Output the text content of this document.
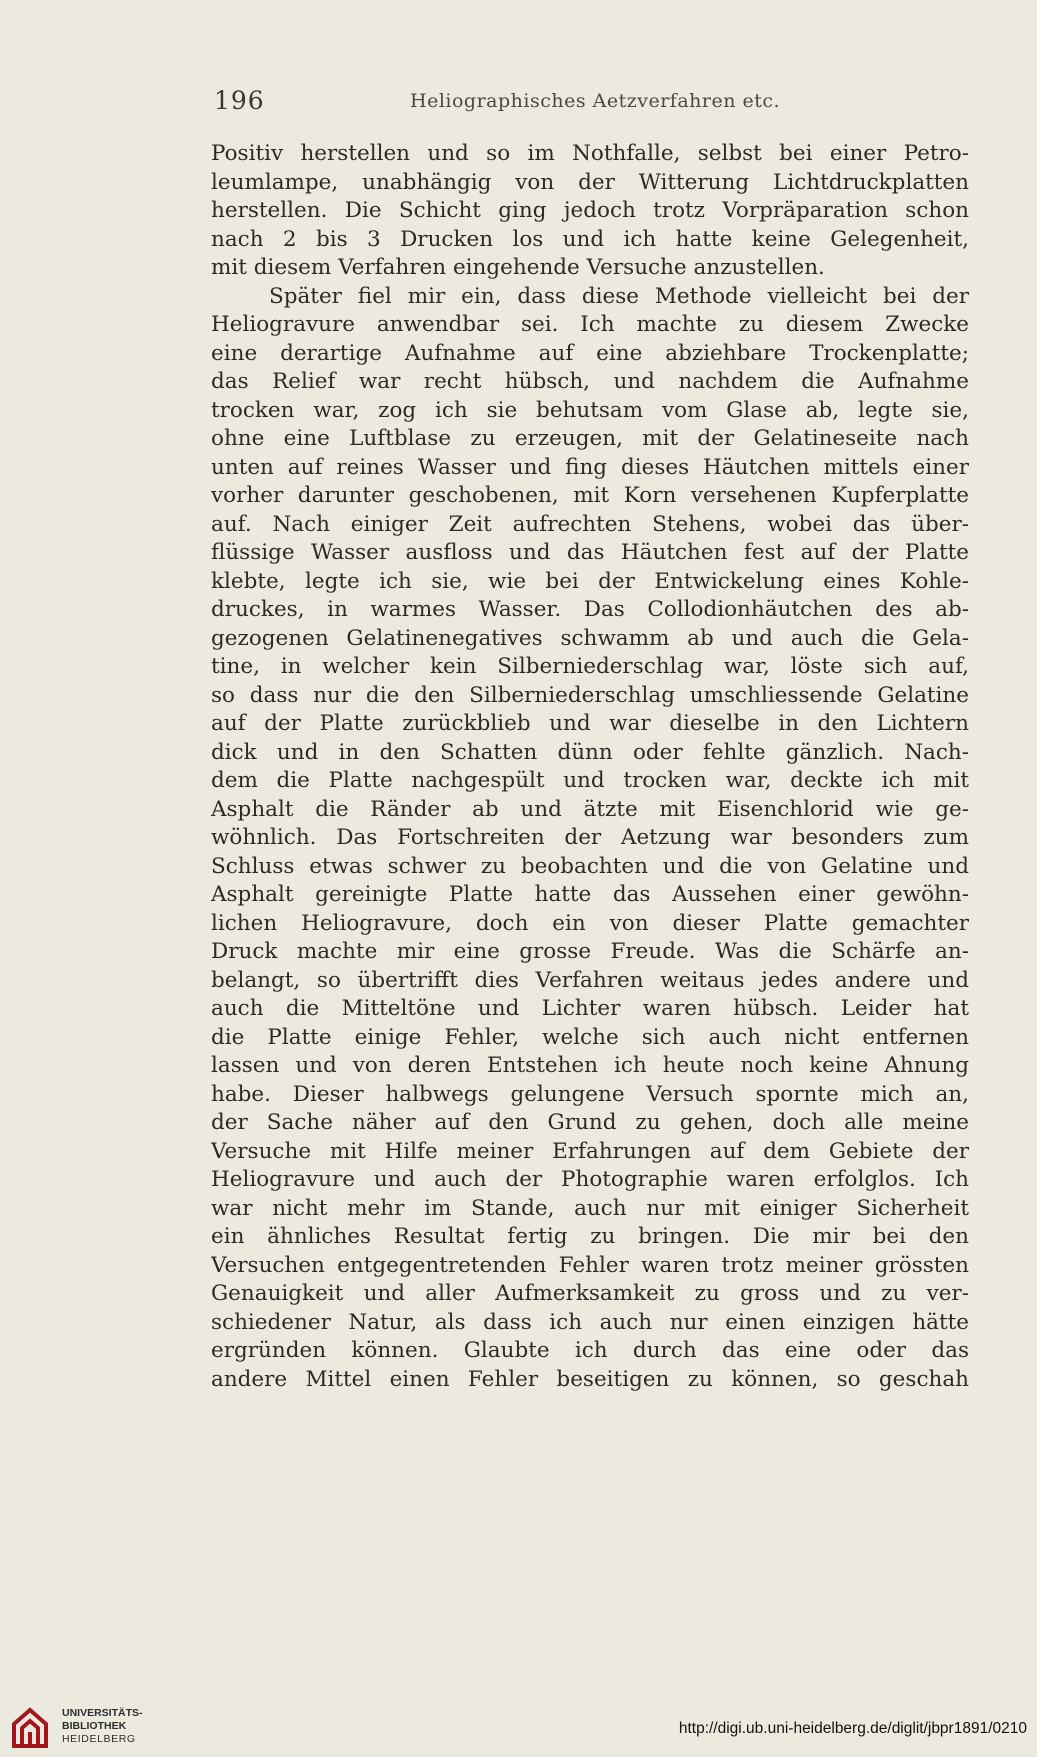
196	Heliographisches Aetzverfahren etc.
Positiv herstellen und so im Nothfalle, selbst bei einer Petro-
leumlampe, unabhängig von der Witterung Lichtdruckplatten
herstellen. Die Schicht ging jedoch trotz Vorpräparation schon
nach 2 bis 3 Drucken los und ich hatte keine Gelegenheit,
mit diesem Verfahren eingehende Versuche anzustellen.
Später fiel mir ein, dass diese Methode vielleicht bei der
Heliogravure anwendbar sei. Ich machte zu diesem Zwecke
eine derartige Aufnahme auf eine abziehbare Trockenplatte;
das Relief war recht hübsch, und nachdem die Aufnahme
trocken war, zog ich sie behutsam vom Glase ab, legte sie,
ohne eine Luftblase zu erzeugen, mit der Gelatineseite nach
unten auf reines Wasser und fing dieses Häutchen mittels einer
vorher darunter geschobenen, mit Korn versehenen Kupferplatte
auf. Nach einiger Zeit aufrechten Stehens, wobei das über-
flüssige Wasser ausfloss und das Häutchen fest auf der Platte
klebte, legte ich sie, wie bei der Entwickelung eines Kohle-
druckes, in warmes Wasser. Das Collodionhäutchen des ab-
gezogenen Gelatinenegatives schwamm ab und auch die Gela-
tine, in welcher kein Silberniederschlag war, löste sich auf,
so dass nur die den Silberniederschlag umschliessende Gelatine
auf der Platte zurückblieb und war dieselbe in den Lichtern
dick und in den Schatten dünn oder fehlte gänzlich. Nach-
dem die Platte nachgespült und trocken war, deckte ich mit
Asphalt die Ränder ab und ätzte mit Eisenchlorid wie ge-
wöhnlich. Das Fortschreiten der Aetzung war besonders zum
Schluss etwas schwer zu beobachten und die von Gelatine und
Asphalt gereinigte Platte hatte das Aussehen einer gewöhn-
lichen Heliogravure, doch ein von dieser Platte gemachter
Druck machte mir eine grosse Freude. Was die Schärfe an-
belangt, so übertrifft dies Verfahren weitaus jedes andere und
auch die Mitteltöne und Lichter waren hübsch. Leider hat
die Platte einige Fehler, welche sich auch nicht entfernen
lassen und von deren Entstehen ich heute noch keine Ahnung
habe. Dieser halbwegs gelungene Versuch spornte mich an,
der Sache näher auf den Grund zu gehen, doch alle meine
Versuche mit Hilfe meiner Erfahrungen auf dem Gebiete der
Heliogravure und auch der Photographie waren erfolglos. Ich
war nicht mehr im Stande, auch nur mit einiger Sicherheit
ein ähnliches Resultat fertig zu bringen. Die mir bei den
Versuchen entgegentretenden Fehler waren trotz meiner grössten
Genauigkeit und aller Aufmerksamkeit zu gross und zu ver-
schiedener Natur, als dass ich auch nur einen einzigen hätte
ergründen können. Glaubte ich durch das eine oder das
andere Mittel einen Fehler beseitigen zu können, so geschah
UNIVERSITÄTS-
BIBLIOTHEK
HEIDELBERG
http://digi.ub.uni-heidelberg.de/diglit/jbpr1891/0210
